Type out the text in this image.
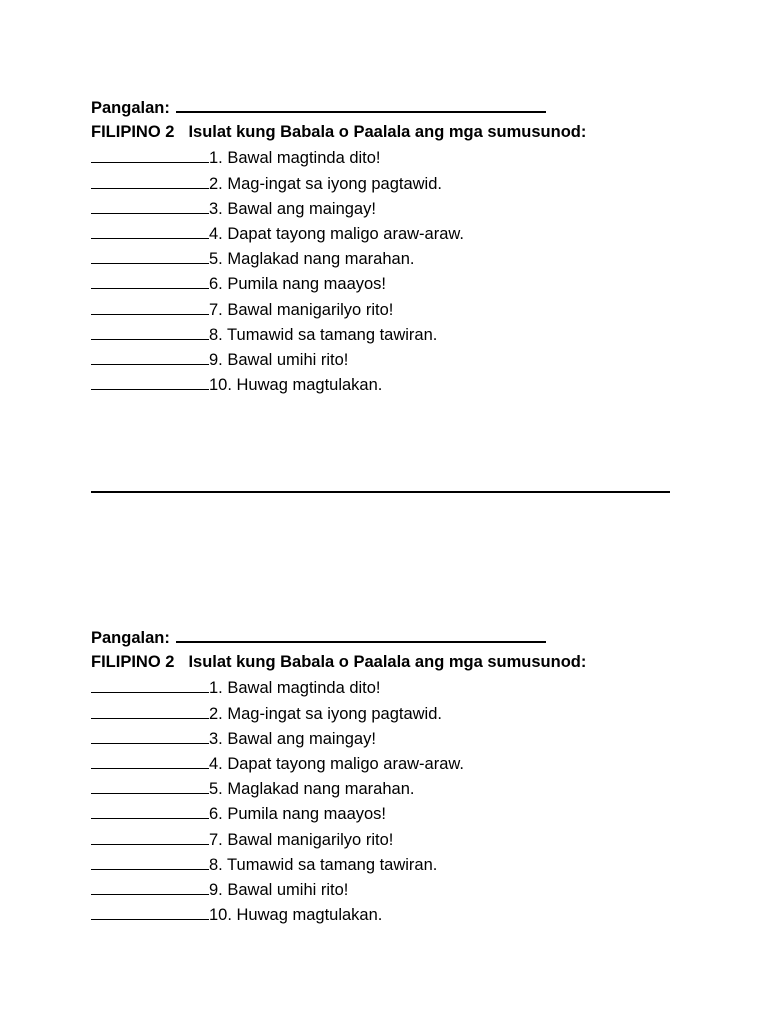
Pangalan:
FILIPINO 2 Isulat kung Babala o Paalala ang mga sumusunod:
1. Bawal magtinda dito!
2. Mag-ingat sa iyong pagtawid.
3. Bawal ang maingay!
4. Dapat tayong maligo araw-araw.
5. Maglakad nang marahan.
6. Pumila nang maayos!
7. Bawal manigarilyo rito!
8. Tumawid sa tamang tawiran.
9. Bawal umihi rito!
10. Huwag magtulakan.
Pangalan:
FILIPINO 2 Isulat kung Babala o Paalala ang mga sumusunod:
1. Bawal magtinda dito!
2. Mag-ingat sa iyong pagtawid.
3. Bawal ang maingay!
4. Dapat tayong maligo araw-araw.
5. Maglakad nang marahan.
6. Pumila nang maayos!
7. Bawal manigarilyo rito!
8. Tumawid sa tamang tawiran.
9. Bawal umihi rito!
10. Huwag magtulakan.
